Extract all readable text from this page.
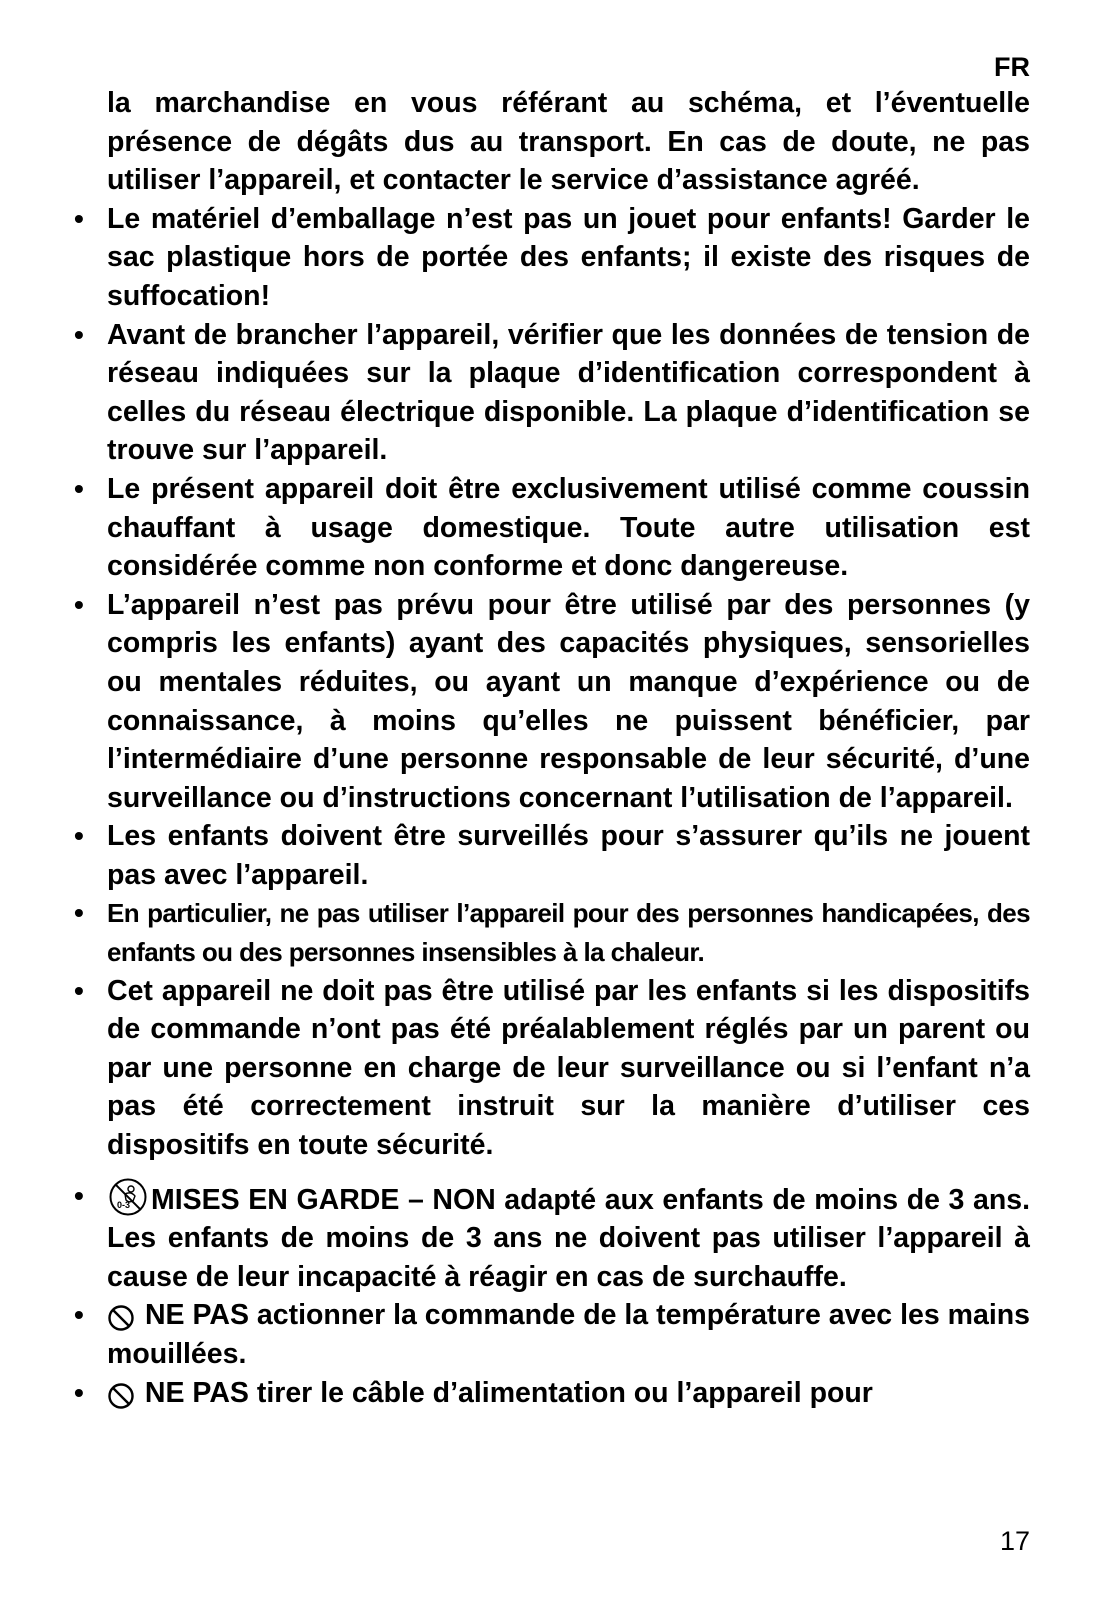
FR

la marchandise en vous référant au schéma, et l’éventuelle présence de dégâts dus au transport. En cas de doute, ne pas utiliser l’appareil, et contacter le service d’assistance agréé.

• Le matériel d’emballage n’est pas un jouet pour enfants! Garder le sac plastique hors de portée des enfants; il existe des risques de suffocation!
• Avant de brancher l’appareil, vérifier que les données de tension de réseau indiquées sur la plaque d’identification correspondent à celles du réseau électrique disponible. La plaque d’identification se trouve sur l’appareil.
• Le présent appareil doit être exclusivement utilisé comme coussin chauffant à usage domestique. Toute autre utilisation est considérée comme non conforme et donc dangereuse.
• L’appareil n’est pas prévu pour être utilisé par des personnes (y compris les enfants) ayant des capacités physiques, sensorielles ou mentales réduites, ou ayant un manque d’expérience ou de connaissance, à moins qu’elles ne puissent bénéficier, par l’intermédiaire d’une personne responsable de leur sécurité, d’une surveillance ou d’instructions concernant l’utilisation de l’appareil.
• Les enfants doivent être surveillés pour s’assurer qu’ils ne jouent pas avec l’appareil.
• En particulier, ne pas utiliser l’appareil pour des personnes handicapées, des enfants ou des personnes insensibles à la chaleur.
• Cet appareil ne doit pas être utilisé par les enfants si les dispositifs de commande n’ont pas été préalablement réglés par un parent ou par une personne en charge de leur surveillance ou si l’enfant n’a pas été correctement instruit sur la manière d’utiliser ces dispositifs en toute sécurité.
•	0-3 MISES EN GARDE – NON adapté aux enfants de moins de 3 ans. Les enfants de moins de 3 ans ne doivent pas utiliser l’appareil à cause de leur incapacité à réagir en cas de surchauffe.
•	NE PAS actionner la commande de la température avec les mains mouillées.
•	NE PAS tirer le câble d’alimentation ou l’appareil pour
17
